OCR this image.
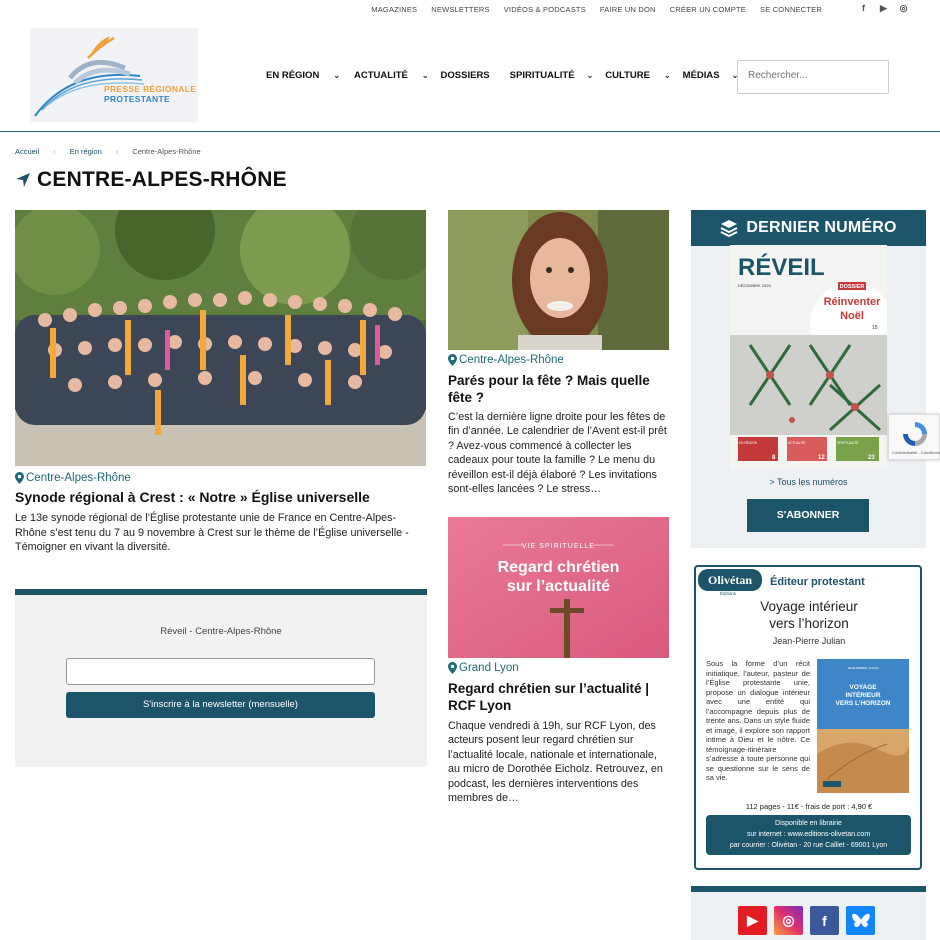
MAGAZINES NEWSLETTERS VIDÉOS & PODCASTS FAIRE UN DON CRÉER UN COMPTE SE CONNECTER	f	▶ ◎
PRESSE RÉGIONALE
PROTESTANTE
EN RÉGION ⌄ ACTUALITÉ ⌄ DOSSIERS SPIRITUALITÉ ⌄ CULTURE ⌄ MÉDIAS ⌄
Rechercher...
Accueil › En région › Centre-Alpes-Rhône
CENTRE-ALPES-RHÔNE
Centre-Alpes-Rhône
Synode régional à Crest : « Notre » Église universelle
Le 13e synode régional de l’Église protestante unie de France en Centre-Alpes-Rhône s’est tenu du 7 au 9 novembre à Crest sur le thème de l’Église universelle - Témoigner en vivant la diversité.
Réveil - Centre-Alpes-Rhône
S'inscrire à la newsletter (mensuelle)
Centre-Alpes-Rhône
Parés pour la fête ? Mais quelle fête ?
C’est la dernière ligne droite pour les fêtes de fin d’année. Le calendrier de l’Avent est-il prêt ? Avez-vous commencé à collecter les cadeaux pour toute la famille ? Le menu du réveillon est-il déjà élaboré ? Les invitations sont-elles lancées ? Le stress…
VIE SPIRITUELLE
Regard chrétien
sur l’actualité
Grand Lyon
Regard chrétien sur l’actualité | RCF Lyon
Chaque vendredi à 19h, sur RCF Lyon, des acteurs posent leur regard chrétien sur l’actualité locale, nationale et internationale, au micro de Dorothée Eicholz. Retrouvez, en podcast, les dernières interventions des membres de…
DERNIER NUMÉRO
RÉVEIL
DÉCEMBRE 2025	DOSSIER
Réinventer
Noël
15
EN RÉGION	ACTUALITÉ	SPIRITUALITÉ
8	12	23
> Tous les numéros
S'ABONNER
Confidentialité - Conditions
Olivétan
Éditions
Éditeur protestant
Voyage intérieur
vers l’horizon
Jean-Pierre Julian
Sous la forme d’un récit initiatique, l’auteur, pasteur de l’Église protestante unie, propose un dialogue intérieur avec une entité qui l’accompagne depuis plus de trente ans. Dans un style fluide et imagé, il explore son rapport intime à Dieu et le nôtre. Ce témoignage-itinéraire s’adresse à toute personne qui se questionne sur le sens de sa vie.
JEAN-PIERRE JULIAN
VOYAGE
INTÉRIEUR
VERS L’HORIZON
112 pages - 11€ - frais de port : 4,90 €
Disponible en librairie
sur internet : www.editions-olivetan.com
par courrier : Olivétan - 20 rue Calliet - 69001 Lyon
▶	◎	f
